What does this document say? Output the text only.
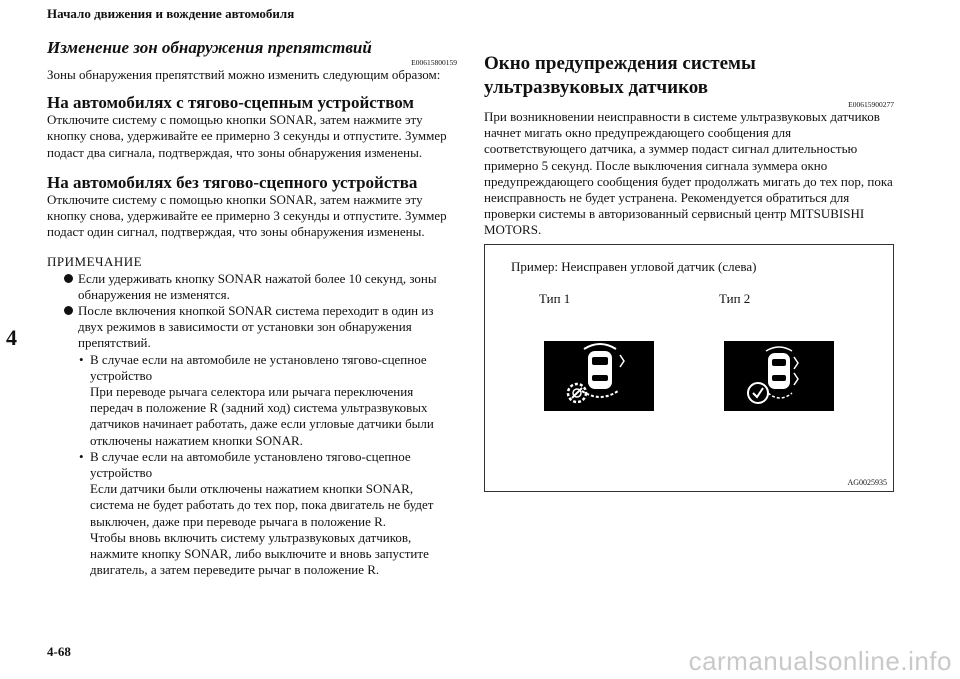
Начало движения и вождение автомобиля
4
4-68	carmanualsonline.info
Изменение зон обнаружения препятствий
E00615800159

Зоны обнаружения препятствий можно изменить следующим образом:

На автомобилях с тягово-сцепным устройством

Отключите систему с помощью кнопки SONAR, затем нажмите эту кнопку снова, удерживайте ее примерно 3 секунды и отпустите. Зуммер подаст два сигнала, подтверждая, что зоны обнаружения изменены.

На автомобилях без тягово-сцепного устройства

Отключите систему с помощью кнопки SONAR, затем нажмите эту кнопку снова, удерживайте ее примерно 3 секунды и отпустите. Зуммер подаст один сигнал, подтверждая, что зоны обнаружения изменены.

ПРИМЕЧАНИЕ
Если удерживать кнопку SONAR нажатой более 10 секунд, зоны обнаружения не изменятся.
После включения кнопкой SONAR система переходит в один из двух режимов в зависимости от установки зон обнаружения препятствий.
• В случае если на автомобиле не установлено тягово-сцепное устройство
При переводе рычага селектора или рычага переключения передач в положение R (задний ход) система ультразвуковых датчиков начинает работать, даже если угловые датчики были отключены нажатием кнопки SONAR.
• В случае если на автомобиле установлено тягово-сцепное устройство
Если датчики были отключены нажатием кнопки SONAR, система не будет работать до тех пор, пока двигатель не будет выключен, даже при переводе рычага в положение R.
Чтобы вновь включить систему ультразвуковых датчиков, нажмите кнопку SONAR, либо выключите и вновь запустите двигатель, а затем переведите рычаг в положение R.
Окно предупреждения системы ультразвуковых датчиков
E00615900277

При возникновении неисправности в системе ультразвуковых датчиков начнет мигать окно предупреждающего сообщения для соответствующего датчика, а зуммер подаст сигнал длительностью примерно 5 секунд. После выключения сигнала зуммера окно предупреждающего сообщения будет продолжать мигать до тех пор, пока неисправность не будет устранена. Рекомендуется обратиться для проверки системы в авторизованный сервисный центр MITSUBISHI MOTORS.

Пример: Неисправен угловой датчик (слева)
Тип 1	Тип 2
AG0025935
